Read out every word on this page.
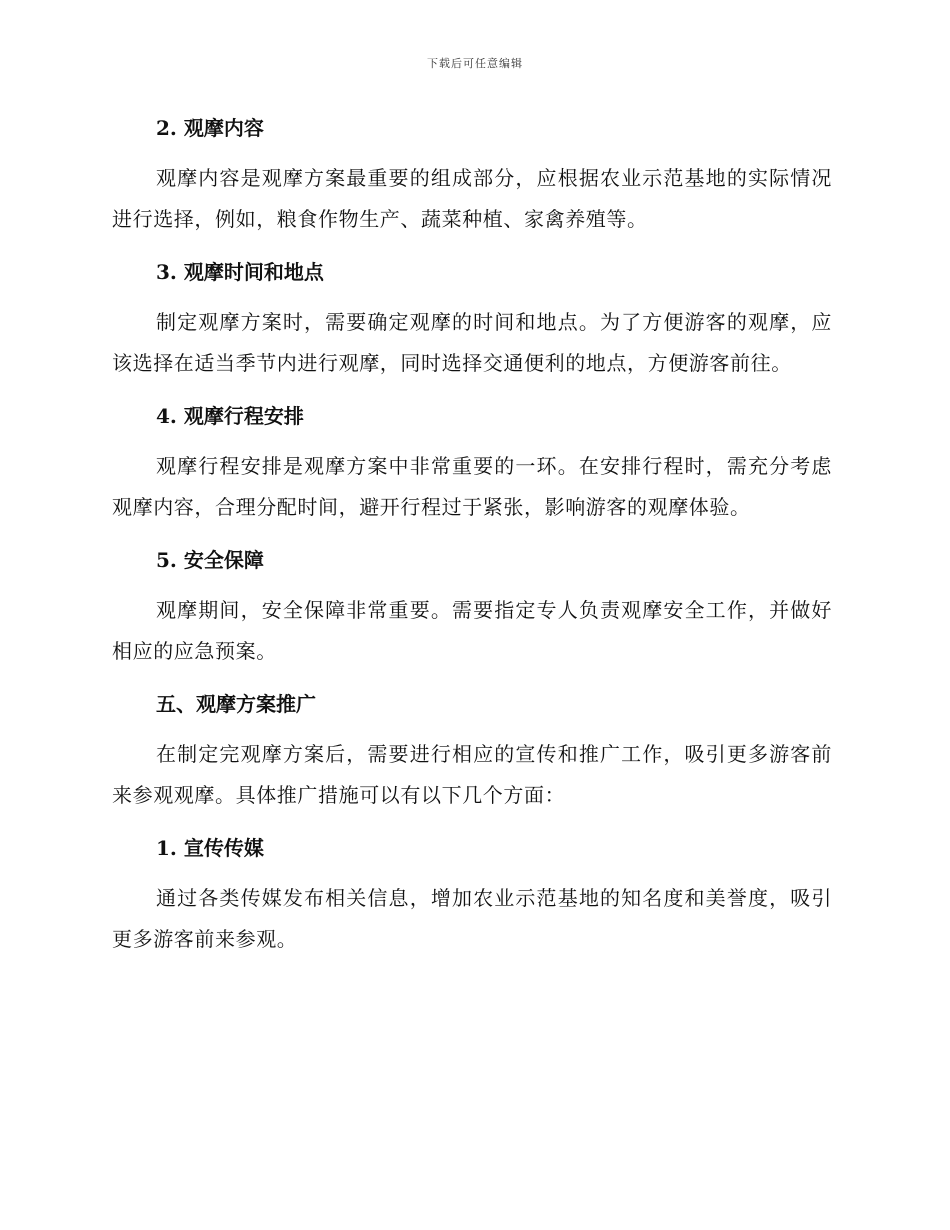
下载后可任意编辑
2. 观摩内容

观摩内容是观摩方案最重要的组成部分，应根据农业示范基地的实际情况进行选择，例如，粮食作物生产、蔬菜种植、家禽养殖等。

3. 观摩时间和地点

制定观摩方案时，需要确定观摩的时间和地点。为了方便游客的观摩，应该选择在适当季节内进行观摩，同时选择交通便利的地点，方便游客前往。

4. 观摩行程安排

观摩行程安排是观摩方案中非常重要的一环。在安排行程时，需充分考虑观摩内容，合理分配时间，避开行程过于紧张，影响游客的观摩体验。

5. 安全保障

观摩期间，安全保障非常重要。需要指定专人负责观摩安全工作，并做好相应的应急预案。

五、观摩方案推广

在制定完观摩方案后，需要进行相应的宣传和推广工作，吸引更多游客前来参观观摩。具体推广措施可以有以下几个方面：

1. 宣传传媒

通过各类传媒发布相关信息，增加农业示范基地的知名度和美誉度，吸引更多游客前来参观。
